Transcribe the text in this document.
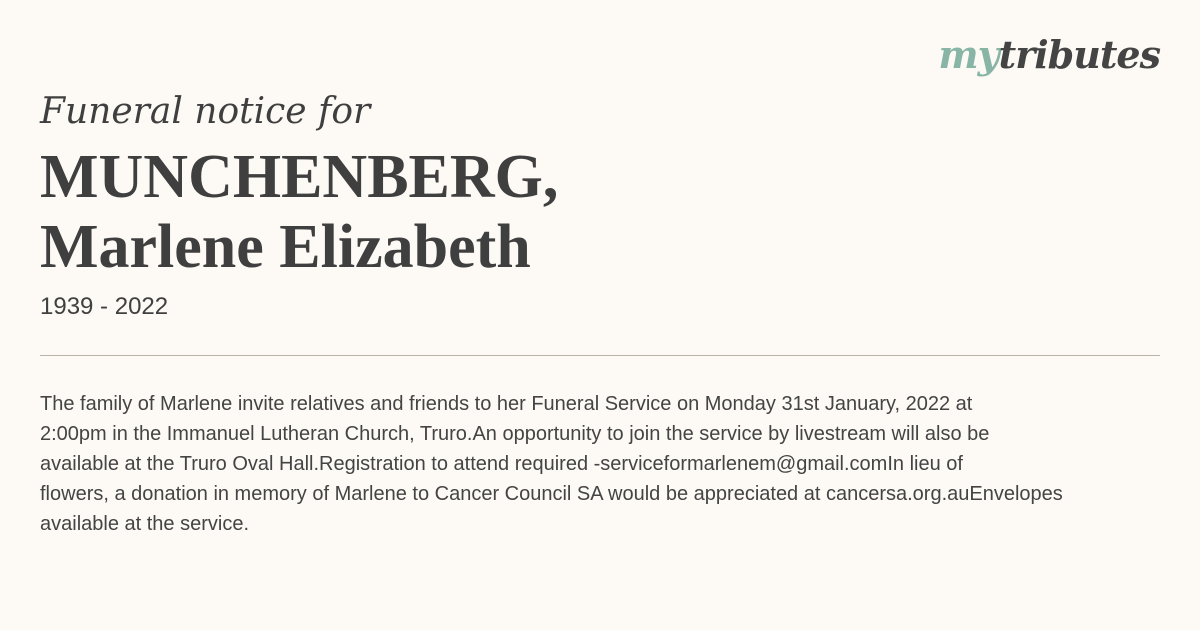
mytributes
Funeral notice for
MUNCHENBERG,
Marlene Elizabeth
1939 - 2022
The family of Marlene invite relatives and friends to her Funeral Service on Monday 31st January, 2022 at
2:00pm in the Immanuel Lutheran Church, Truro.An opportunity to join the service by livestream will also be
available at the Truro Oval Hall.Registration to attend required -serviceformarlenem@gmail.comIn lieu of
flowers, a donation in memory of Marlene to Cancer Council SA would be appreciated at cancersa.org.auEnvelopes
available at the service.
